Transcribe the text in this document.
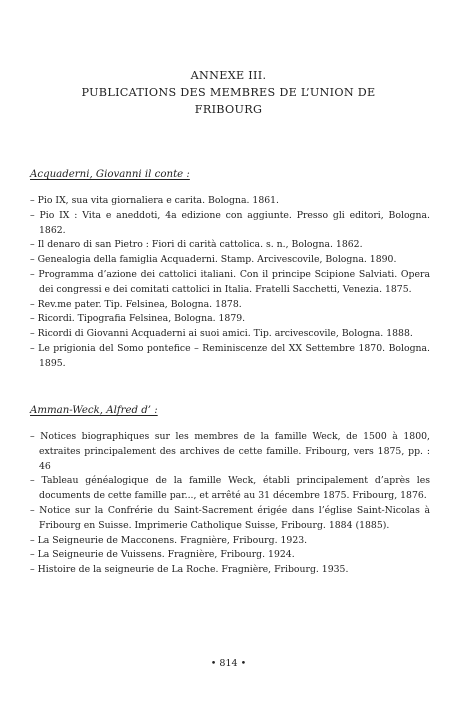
ANNEXE III.
PUBLICATIONS DES MEMBRES DE L’UNION DE
FRIBOURG
Acquaderni, Giovanni il conte :
– Pio IX, sua vita giornaliera e carita. Bologna. 1861.
– Pio IX : Vita e aneddoti, 4a edizione con aggiunte. Presso gli editori, Bologna. 1862.
– Il denaro di san Pietro : Fiori di carità cattolica. s. n., Bologna. 1862.
– Genealogia della famiglia Acquaderni. Stamp. Arcivescovile, Bologna. 1890.
– Programma d’azione dei cattolici italiani. Con il principe Scipione Salviati. Opera dei congressi e dei comitati cattolici in Italia. Fratelli Sacchetti, Venezia. 1875.
– Rev.me pater. Tip. Felsinea, Bologna. 1878.
– Ricordi. Tipografia Felsinea, Bologna. 1879.
– Ricordi di Giovanni Acquaderni ai suoi amici. Tip. arcivescovile, Bologna. 1888.
– Le prigionia del Somo pontefice – Reminiscenze del XX Settembre 1870. Bologna. 1895.
Amman-Weck, Alfred d’ :
– Notices biographiques sur les membres de la famille Weck, de 1500 à 1800, extraites principalement des archives de cette famille. Fribourg, vers 1875, pp. : 46
– Tableau généalogique de la famille Weck, établi principalement d’après les documents de cette famille par..., et arrêté au 31 décembre 1875. Fribourg, 1876.
– Notice sur la Confrérie du Saint-Sacrement érigée dans l’église Saint-Nicolas à Fribourg en Suisse. Imprimerie Catholique Suisse, Fribourg. 1884 (1885).
– La Seigneurie de Macconens. Fragnière, Fribourg. 1923.
– La Seigneurie de Vuissens. Fragnière, Fribourg. 1924.
– Histoire de la seigneurie de La Roche. Fragnière, Fribourg. 1935.
• 814 •
